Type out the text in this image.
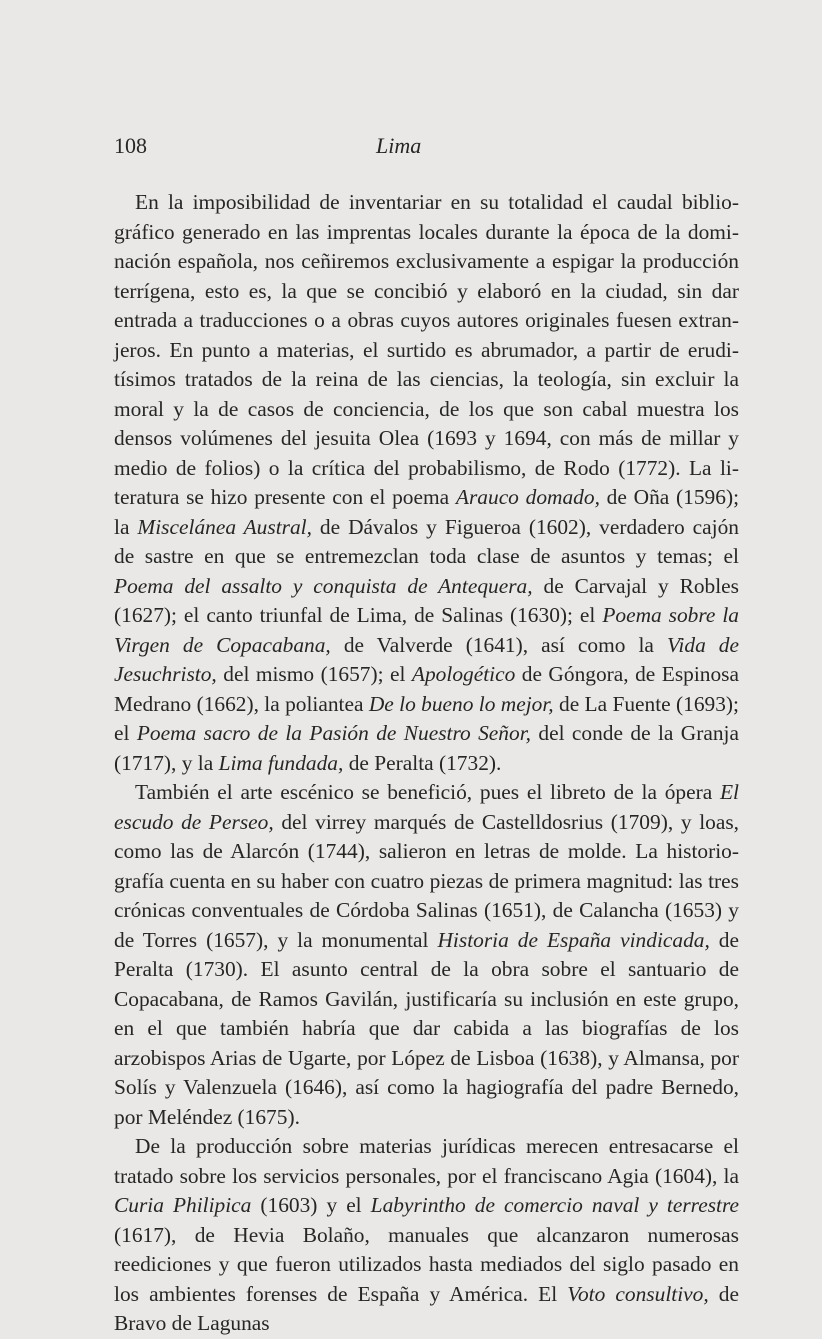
108	Lima

En la imposibilidad de inventariar en su totalidad el caudal bibliográfico generado en las imprentas locales durante la época de la dominación española, nos ceñiremos exclusivamente a espigar la producción terrígena, esto es, la que se concibió y elaboró en la ciudad, sin dar entrada a traducciones o a obras cuyos autores originales fuesen extranjeros. En punto a materias, el surtido es abrumador, a partir de eruditísimos tratados de la reina de las ciencias, la teología, sin excluir la moral y la de casos de conciencia, de los que son cabal muestra los densos volúmenes del jesuita Olea (1693 y 1694, con más de millar y medio de folios) o la crítica del probabilismo, de Rodo (1772). La literatura se hizo presente con el poema Arauco domado, de Oña (1596); la Miscelánea Austral, de Dávalos y Figueroa (1602), verdadero cajón de sastre en que se entremezclan toda clase de asuntos y temas; el Poema del assalto y conquista de Antequera, de Carvajal y Robles (1627); el canto triunfal de Lima, de Salinas (1630); el Poema sobre la Virgen de Copacabana, de Valverde (1641), así como la Vida de Jesuchristo, del mismo (1657); el Apologético de Góngora, de Espinosa Medrano (1662), la poliantea De lo bueno lo mejor, de La Fuente (1693); el Poema sacro de la Pasión de Nuestro Señor, del conde de la Granja (1717), y la Lima fundada, de Peralta (1732).

También el arte escénico se benefició, pues el libreto de la ópera El escudo de Perseo, del virrey marqués de Castelldosrius (1709), y loas, como las de Alarcón (1744), salieron en letras de molde. La historiografía cuenta en su haber con cuatro piezas de primera magnitud: las tres crónicas conventuales de Córdoba Salinas (1651), de Calancha (1653) y de Torres (1657), y la monumental Historia de España vindicada, de Peralta (1730). El asunto central de la obra sobre el santuario de Copacabana, de Ramos Gavilán, justificaría su inclusión en este grupo, en el que también habría que dar cabida a las biografías de los arzobispos Arias de Ugarte, por López de Lisboa (1638), y Almansa, por Solís y Valenzuela (1646), así como la hagiografía del padre Bernedo, por Meléndez (1675).

De la producción sobre materias jurídicas merecen entresacarse el tratado sobre los servicios personales, por el franciscano Agia (1604), la Curia Philipica (1603) y el Labyrintho de comercio naval y terrestre (1617), de Hevia Bolaño, manuales que alcanzaron numerosas reediciones y que fueron utilizados hasta mediados del siglo pasado en los ambientes forenses de España y América. El Voto consultivo, de Bravo de Lagunas
